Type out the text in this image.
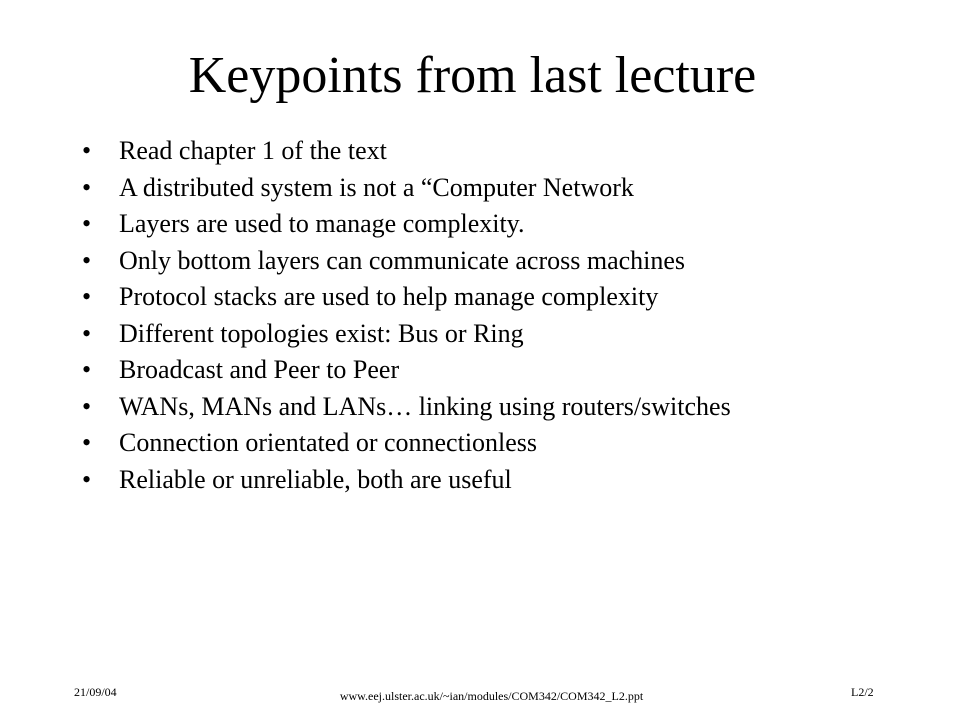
Keypoints from last lecture
•	Read chapter 1 of the text
•	A distributed system is not a “Computer Network
•	Layers are used to manage complexity.
•	Only bottom layers can communicate across machines
•	Protocol stacks are used to help manage complexity
•	Different topologies exist: Bus or Ring
•	Broadcast and Peer to Peer
•	WANs, MANs and LANs… linking using routers/switches
•	Connection orientated or connectionless
•	Reliable or unreliable, both are useful
21/09/04	www.eej.ulster.ac.uk/~ian/modules/COM342/COM342_L2.ppt	L2/2
